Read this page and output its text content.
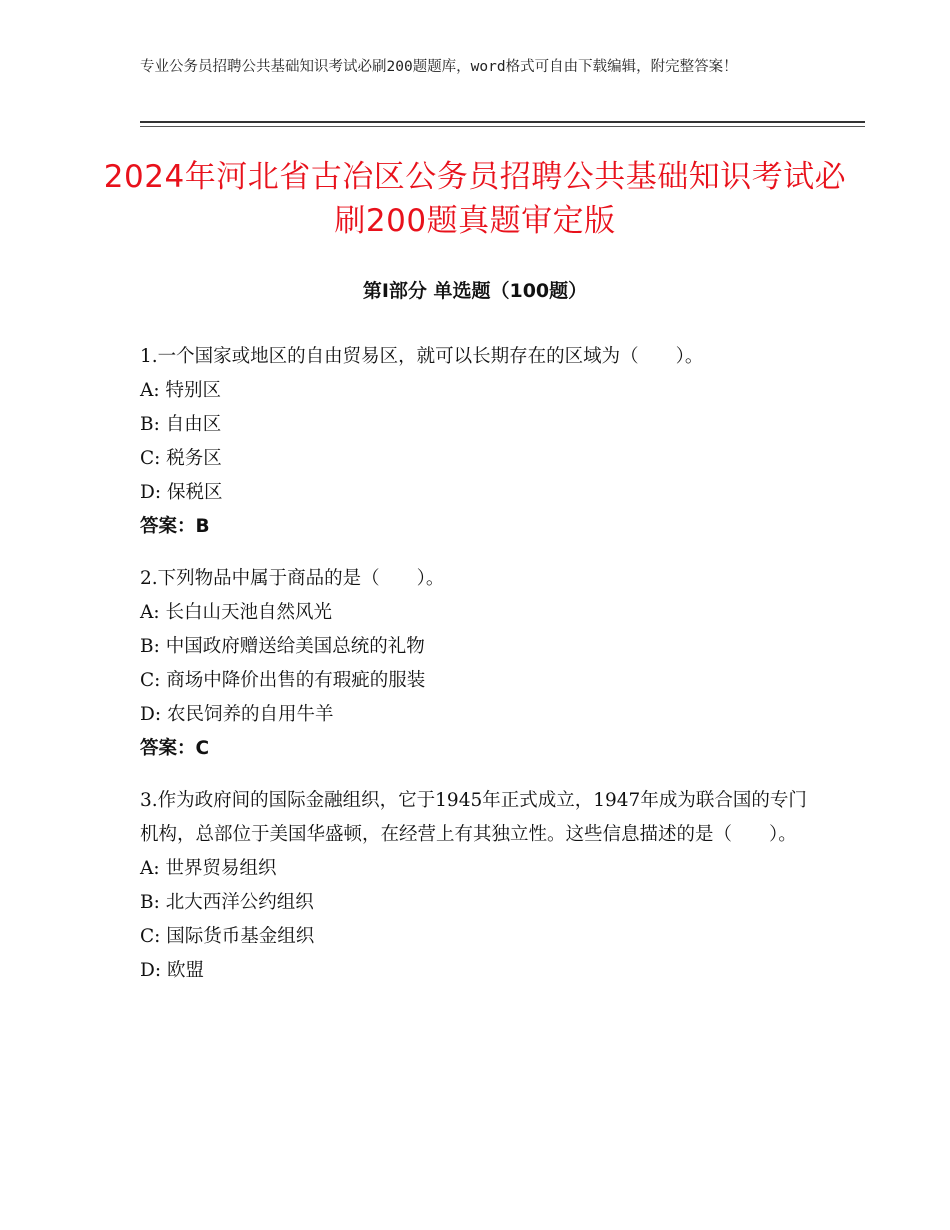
专业公务员招聘公共基础知识考试必刷200题题库，word格式可自由下载编辑，附完整答案！
2024年河北省古冶区公务员招聘公共基础知识考试必刷200题真题审定版
第Ⅰ部分 单选题（100题）

1.一个国家或地区的自由贸易区，就可以长期存在的区域为（　　）。

A: 特别区

B: 自由区

C: 税务区

D: 保税区

答案：B

2.下列物品中属于商品的是（　　）。

A: 长白山天池自然风光

B: 中国政府赠送给美国总统的礼物

C: 商场中降价出售的有瑕疵的服装

D: 农民饲养的自用牛羊

答案：C

3.作为政府间的国际金融组织，它于1945年正式成立，1947年成为联合国的专门机构，总部位于美国华盛顿，在经营上有其独立性。这些信息描述的是（　　）。

A: 世界贸易组织

B: 北大西洋公约组织

C: 国际货币基金组织

D: 欧盟
